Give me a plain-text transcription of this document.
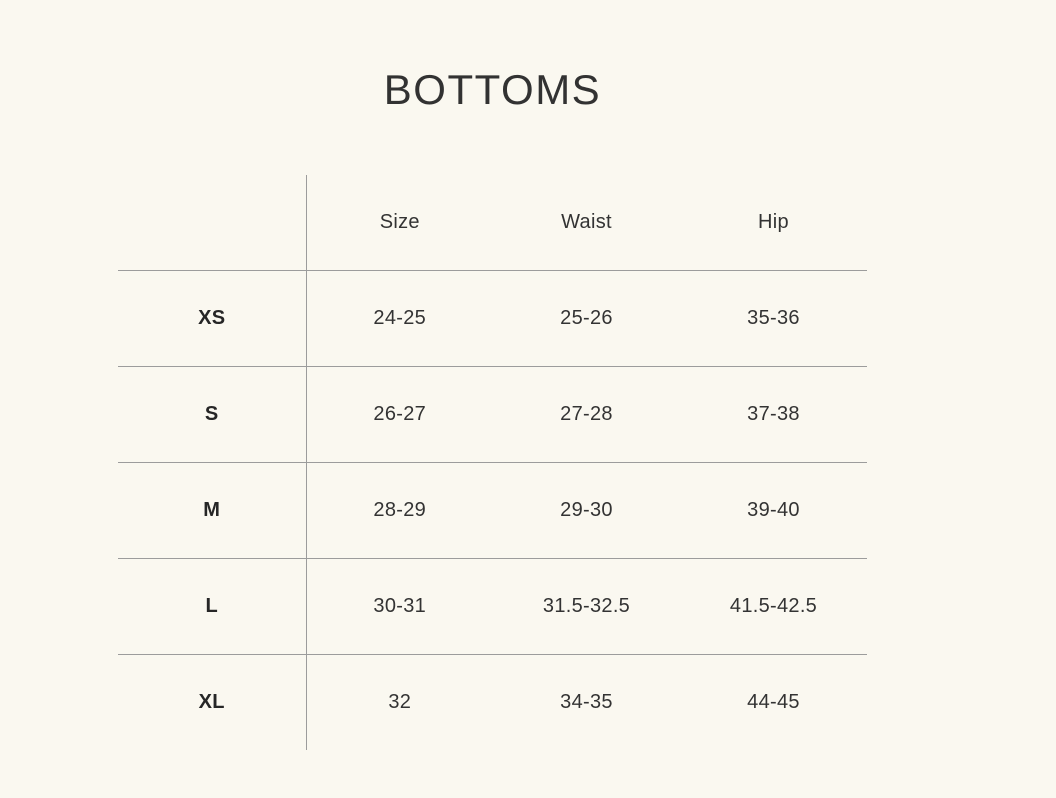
BOTTOMS
	Size	Waist	Hip
XS	24-25	25-26	35-36
S	26-27	27-28	37-38
M	28-29	29-30	39-40
L	30-31	31.5-32.5	41.5-42.5
XL	32	34-35	44-45
